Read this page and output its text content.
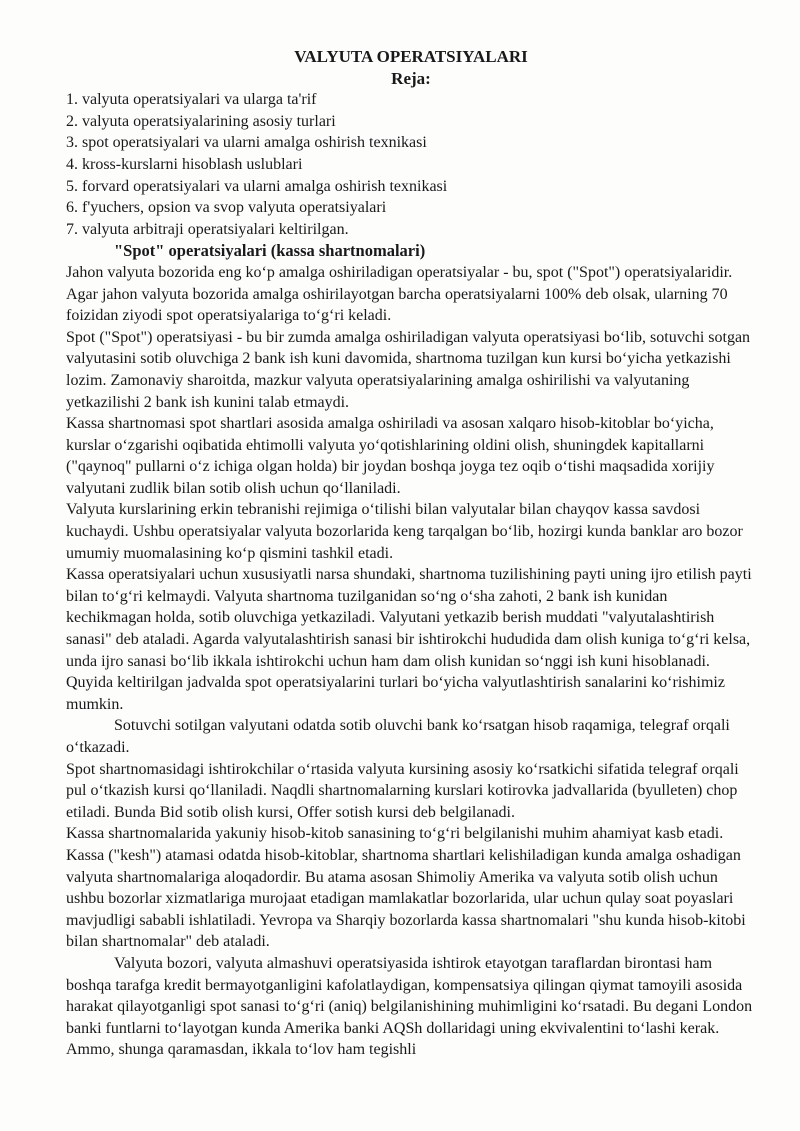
VALYUTA OPERATSIYALARI
Reja:
1. valyuta operatsiyalari va ularga ta'rif
2. valyuta operatsiyalarining asosiy turlari
3. spot operatsiyalari va ularni amalga oshirish texnikasi
4. kross-kurslarni hisoblash uslublari
5. forvard operatsiyalari va ularni amalga oshirish texnikasi
6. f'yuchers, opsion va svop valyuta operatsiyalari
7. valyuta arbitraji operatsiyalari keltirilgan.
"Spot" operatsiyalari (kassa shartnomalari)

Jahon valyuta bozorida eng ko‘p amalga oshiriladigan operatsiyalar - bu, spot ("Spot") operatsiyalaridir. Agar jahon valyuta bozorida amalga oshirilayotgan barcha operatsiyalarni 100% deb olsak, ularning 70 foizidan ziyodi spot operatsiyalariga to‘g‘ri keladi.

Spot ("Spot") operatsiyasi - bu bir zumda amalga oshiriladigan valyuta operatsiyasi bo‘lib, sotuvchi sotgan valyutasini sotib oluvchiga 2 bank ish kuni davomida, shartnoma tuzilgan kun kursi bo‘yicha yetkazishi lozim. Zamonaviy sharoitda, mazkur valyuta operatsiyalarining amalga oshirilishi va valyutaning yetkazilishi 2 bank ish kunini talab etmaydi.

Kassa shartnomasi spot shartlari asosida amalga oshiriladi va asosan xalqaro hisob-kitoblar bo‘yicha, kurslar o‘zgarishi oqibatida ehtimolli valyuta yo‘qotishlarining oldini olish, shuningdek kapitallarni ("qaynoq" pullarni o‘z ichiga olgan holda) bir joydan boshqa joyga tez oqib o‘tishi maqsadida xorijiy valyutani zudlik bilan sotib olish uchun qo‘llaniladi.

Valyuta kurslarining erkin tebranishi rejimiga o‘tilishi bilan valyutalar bilan chayqov kassa savdosi kuchaydi. Ushbu operatsiyalar valyuta bozorlarida keng tarqalgan bo‘lib, hozirgi kunda banklar aro bozor umumiy muomalasining ko‘p qismini tashkil etadi.

Kassa operatsiyalari uchun xususiyatli narsa shundaki, shartnoma tuzilishining payti uning ijro etilish payti bilan to‘g‘ri kelmaydi. Valyuta shartnoma tuzilganidan so‘ng o‘sha zahoti, 2 bank ish kunidan kechikmagan holda, sotib oluvchiga yetkaziladi. Valyutani yetkazib berish muddati "valyutalashtirish sanasi" deb ataladi. Agarda valyutalashtirish sanasi bir ishtirokchi hududida dam olish kuniga to‘g‘ri kelsa, unda ijro sanasi bo‘lib ikkala ishtirokchi uchun ham dam olish kunidan so‘nggi ish kuni hisoblanadi. Quyida keltirilgan jadvalda spot operatsiyalarini turlari bo‘yicha valyutlashtirish sanalarini ko‘rishimiz mumkin.

Sotuvchi sotilgan valyutani odatda sotib oluvchi bank ko‘rsatgan hisob raqamiga, telegraf orqali o‘tkazadi.

Spot shartnomasidagi ishtirokchilar o‘rtasida valyuta kursining asosiy ko‘rsatkichi sifatida telegraf orqali pul o‘tkazish kursi qo‘llaniladi. Naqdli shartnomalarning kurslari kotirovka jadvallarida (byulleten) chop etiladi. Bunda Bid sotib olish kursi, Offer sotish kursi deb belgilanadi.

Kassa shartnomalarida yakuniy hisob-kitob sanasining to‘g‘ri belgilanishi muhim ahamiyat kasb etadi. Kassa ("kesh") atamasi odatda hisob-kitoblar, shartnoma shartlari kelishiladigan kunda amalga oshadigan valyuta shartnomalariga aloqadordir. Bu atama asosan Shimoliy Amerika va valyuta sotib olish uchun ushbu bozorlar xizmatlariga murojaat etadigan mamlakatlar bozorlarida, ular uchun qulay soat poyaslari mavjudligi sababli ishlatiladi. Yevropa va Sharqiy bozorlarda kassa shartnomalari "shu kunda hisob-kitobi bilan shartnomalar" deb ataladi.

Valyuta bozori, valyuta almashuvi operatsiyasida ishtirok etayotgan taraflardan birontasi ham boshqa tarafga kredit bermayotganligini kafolatlaydigan, kompensatsiya qilingan qiymat tamoyili asosida harakat qilayotganligi spot sanasi to‘g‘ri (aniq) belgilanishining muhimligini ko‘rsatadi. Bu degani London banki funtlarni to‘layotgan kunda Amerika banki AQSh dollaridagi uning ekvivalentini to‘lashi kerak. Ammo, shunga qaramasdan, ikkala to‘lov ham tegishli
